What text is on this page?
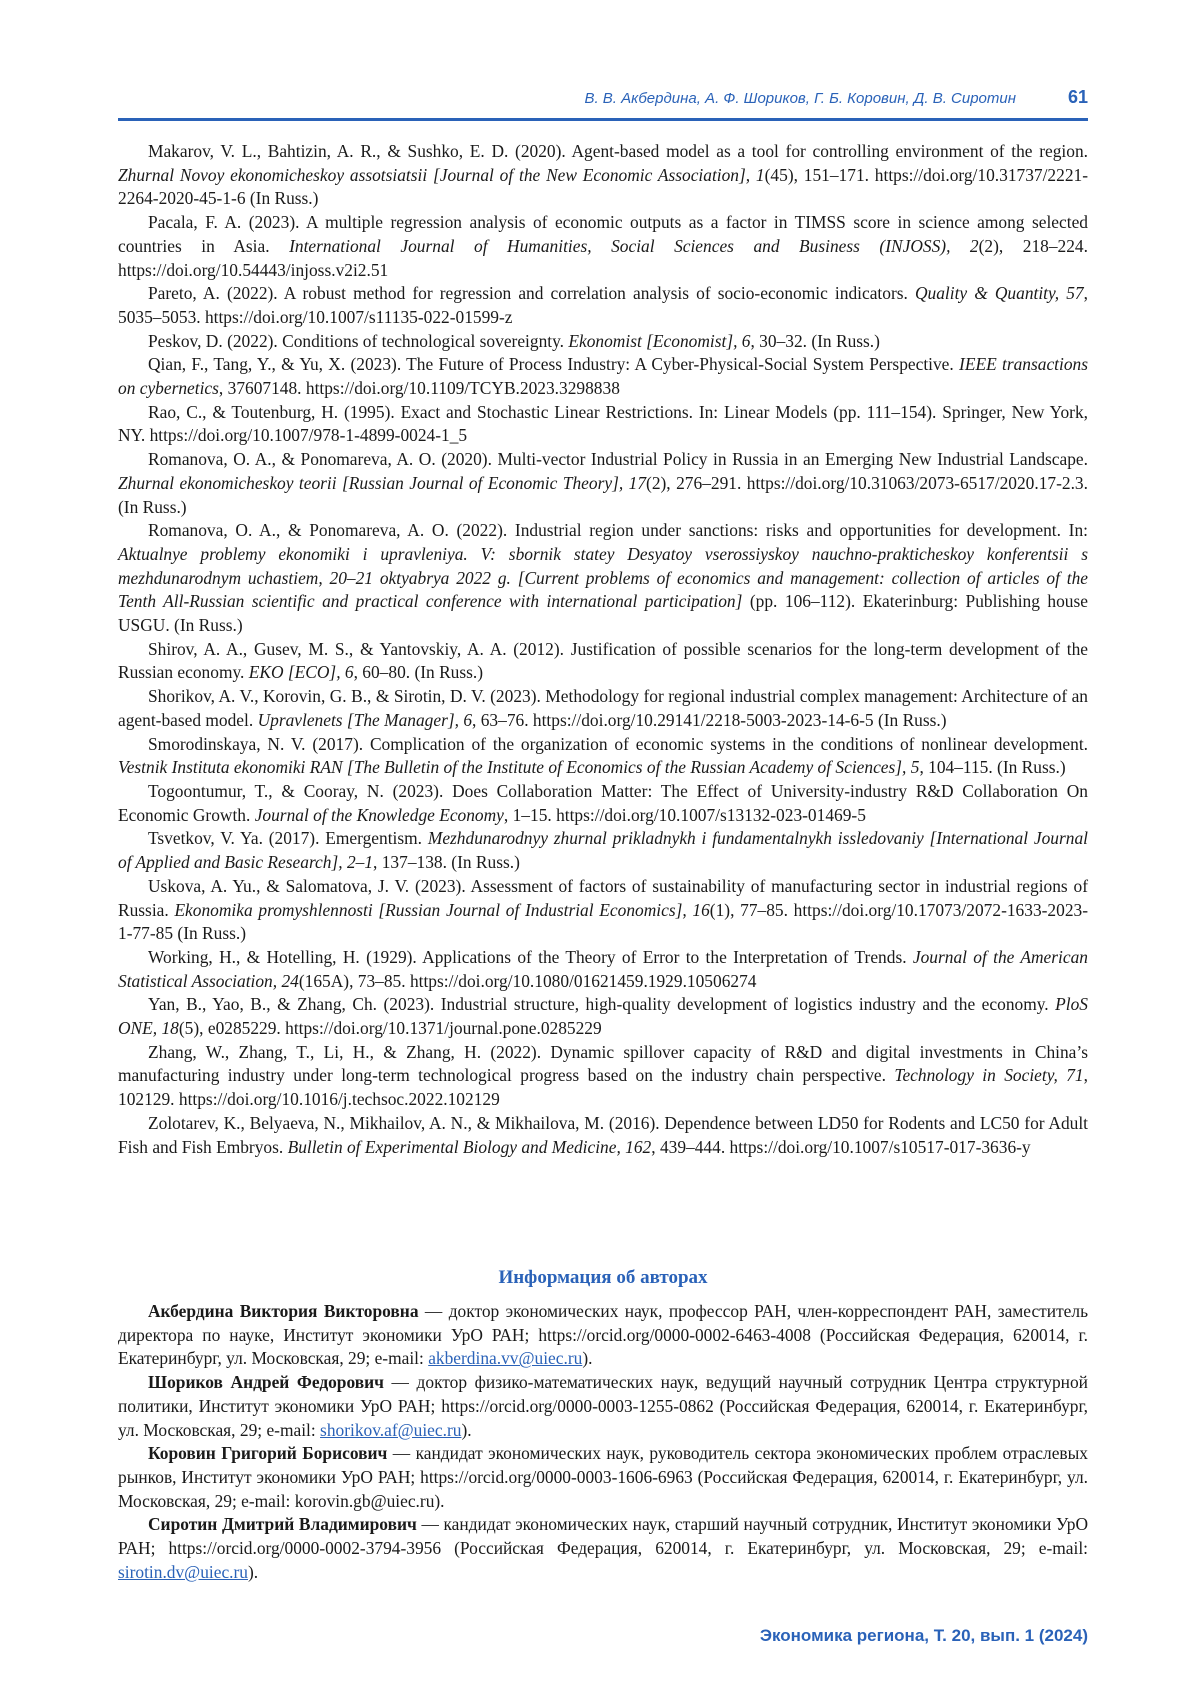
В. В. Акбердина, А. Ф. Шориков, Г. Б. Коровин, Д. В. Сиротин	61

Makarov, V. L., Bahtizin, A. R., & Sushko, E. D. (2020). Agent-based model as a tool for controlling environment of the region. Zhurnal Novoy ekonomicheskoy assotsiatsii [Journal of the New Economic Association], 1(45), 151–171. https://doi.org/10.31737/2221-2264-2020-45-1-6 (In Russ.)

Pacala, F. A. (2023). A multiple regression analysis of economic outputs as a factor in TIMSS score in science among selected countries in Asia. International Journal of Humanities, Social Sciences and Business (INJOSS), 2(2), 218–224. https://doi.org/10.54443/injoss.v2i2.51

Pareto, A. (2022). A robust method for regression and correlation analysis of socio-economic indicators. Quality & Quantity, 57, 5035–5053. https://doi.org/10.1007/s11135-022-01599-z

Peskov, D. (2022). Conditions of technological sovereignty. Ekonomist [Economist], 6, 30–32. (In Russ.)

Qian, F., Tang, Y., & Yu, X. (2023). The Future of Process Industry: A Cyber-Physical-Social System Perspective. IEEE transactions on cybernetics, 37607148. https://doi.org/10.1109/TCYB.2023.3298838

Rao, C., & Toutenburg, H. (1995). Exact and Stochastic Linear Restrictions. In: Linear Models (pp. 111–154). Springer, New York, NY. https://doi.org/10.1007/978-1-4899-0024-1_5

Romanova, O. A., & Ponomareva, A. O. (2020). Multi-vector Industrial Policy in Russia in an Emerging New Industrial Landscape. Zhurnal ekonomicheskoy teorii [Russian Journal of Economic Theory], 17(2), 276–291. https://doi.org/10.31063/2073-6517/2020.17-2.3. (In Russ.)

Romanova, O. A., & Ponomareva, A. O. (2022). Industrial region under sanctions: risks and opportunities for development. In: Aktualnye problemy ekonomiki i upravleniya. V: sbornik statey Desyatoy vserossiyskoy nauchno-prakticheskoy konferentsii s mezhdunarodnym uchastiem, 20–21 oktyabrya 2022 g. [Current problems of economics and management: collection of articles of the Tenth All-Russian scientific and practical conference with international participation] (pp. 106–112). Ekaterinburg: Publishing house USGU. (In Russ.)

Shirov, A. A., Gusev, M. S., & Yantovskiy, A. A. (2012). Justification of possible scenarios for the long-term development of the Russian economy. EKO [ECO], 6, 60–80. (In Russ.)

Shorikov, A. V., Korovin, G. B., & Sirotin, D. V. (2023). Methodology for regional industrial complex management: Architecture of an agent-based model. Upravlenets [The Manager], 6, 63–76. https://doi.org/10.29141/2218-5003-2023-14-6-5 (In Russ.)

Smorodinskaya, N. V. (2017). Complication of the organization of economic systems in the conditions of nonlinear development. Vestnik Instituta ekonomiki RAN [The Bulletin of the Institute of Economics of the Russian Academy of Sciences], 5, 104–115. (In Russ.)

Togoontumur, T., & Cooray, N. (2023). Does Collaboration Matter: The Effect of University-industry R&D Collaboration On Economic Growth. Journal of the Knowledge Economy, 1–15. https://doi.org/10.1007/s13132-023-01469-5

Tsvetkov, V. Ya. (2017). Emergentism. Mezhdunarodnyy zhurnal prikladnykh i fundamentalnykh issledovaniy [International Journal of Applied and Basic Research], 2–1, 137–138. (In Russ.)

Uskova, A. Yu., & Salomatova, J. V. (2023). Assessment of factors of sustainability of manufacturing sector in industrial regions of Russia. Ekonomika promyshlennosti [Russian Journal of Industrial Economics], 16(1), 77–85. https://doi.org/10.17073/2072-1633-2023-1-77-85 (In Russ.)

Working, H., & Hotelling, H. (1929). Applications of the Theory of Error to the Interpretation of Trends. Journal of the American Statistical Association, 24(165A), 73–85. https://doi.org/10.1080/01621459.1929.10506274

Yan, B., Yao, B., & Zhang, Ch. (2023). Industrial structure, high-quality development of logistics industry and the economy. PloS ONE, 18(5), e0285229. https://doi.org/10.1371/journal.pone.0285229

Zhang, W., Zhang, T., Li, H., & Zhang, H. (2022). Dynamic spillover capacity of R&D and digital investments in China’s manufacturing industry under long-term technological progress based on the industry chain perspective. Technology in Society, 71, 102129. https://doi.org/10.1016/j.techsoc.2022.102129

Zolotarev, K., Belyaeva, N., Mikhailov, A. N., & Mikhailova, M. (2016). Dependence between LD50 for Rodents and LC50 for Adult Fish and Fish Embryos. Bulletin of Experimental Biology and Medicine, 162, 439–444. https://doi.org/10.1007/s10517-017-3636-y

Информация об авторах

Акбердина Виктория Викторовна — доктор экономических наук, профессор РАН, член-корреспондент РАН, заместитель директора по науке, Институт экономики УрО РАН; https://orcid.org/0000-0002-6463-4008 (Российская Федерация, 620014, г. Екатеринбург, ул. Московская, 29; e-mail: akberdina.vv@uiec.ru).

Шориков Андрей Федорович — доктор физико-математических наук, ведущий научный сотрудник Центра структурной политики, Институт экономики УрО РАН; https://orcid.org/0000-0003-1255-0862 (Российская Федерация, 620014, г. Екатеринбург, ул. Московская, 29; e-mail: shorikov.af@uiec.ru).

Коровин Григорий Борисович — кандидат экономических наук, руководитель сектора экономических проблем отраслевых рынков, Институт экономики УрО РАН; https://orcid.org/0000-0003-1606-6963 (Российская Федерация, 620014, г. Екатеринбург, ул. Московская, 29; e-mail: korovin.gb@uiec.ru).

Сиротин Дмитрий Владимирович — кандидат экономических наук, старший научный сотрудник, Институт экономики УрО РАН; https://orcid.org/0000-0002-3794-3956 (Российская Федерация, 620014, г. Екатеринбург, ул. Московская, 29; e-mail: sirotin.dv@uiec.ru).

Экономика региона, Т. 20, вып. 1 (2024)
